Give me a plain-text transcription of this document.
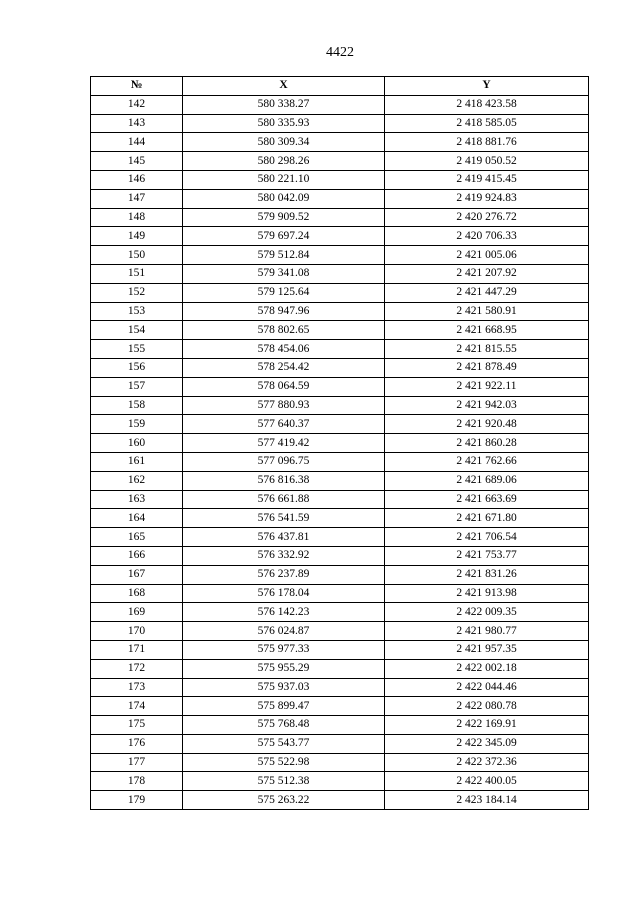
4422
№	X	Y
142	580 338.27	2 418 423.58
143	580 335.93	2 418 585.05
144	580 309.34	2 418 881.76
145	580 298.26	2 419 050.52
146	580 221.10	2 419 415.45
147	580 042.09	2 419 924.83
148	579 909.52	2 420 276.72
149	579 697.24	2 420 706.33
150	579 512.84	2 421 005.06
151	579 341.08	2 421 207.92
152	579 125.64	2 421 447.29
153	578 947.96	2 421 580.91
154	578 802.65	2 421 668.95
155	578 454.06	2 421 815.55
156	578 254.42	2 421 878.49
157	578 064.59	2 421 922.11
158	577 880.93	2 421 942.03
159	577 640.37	2 421 920.48
160	577 419.42	2 421 860.28
161	577 096.75	2 421 762.66
162	576 816.38	2 421 689.06
163	576 661.88	2 421 663.69
164	576 541.59	2 421 671.80
165	576 437.81	2 421 706.54
166	576 332.92	2 421 753.77
167	576 237.89	2 421 831.26
168	576 178.04	2 421 913.98
169	576 142.23	2 422 009.35
170	576 024.87	2 421 980.77
171	575 977.33	2 421 957.35
172	575 955.29	2 422 002.18
173	575 937.03	2 422 044.46
174	575 899.47	2 422 080.78
175	575 768.48	2 422 169.91
176	575 543.77	2 422 345.09
177	575 522.98	2 422 372.36
178	575 512.38	2 422 400.05
179	575 263.22	2 423 184.14
